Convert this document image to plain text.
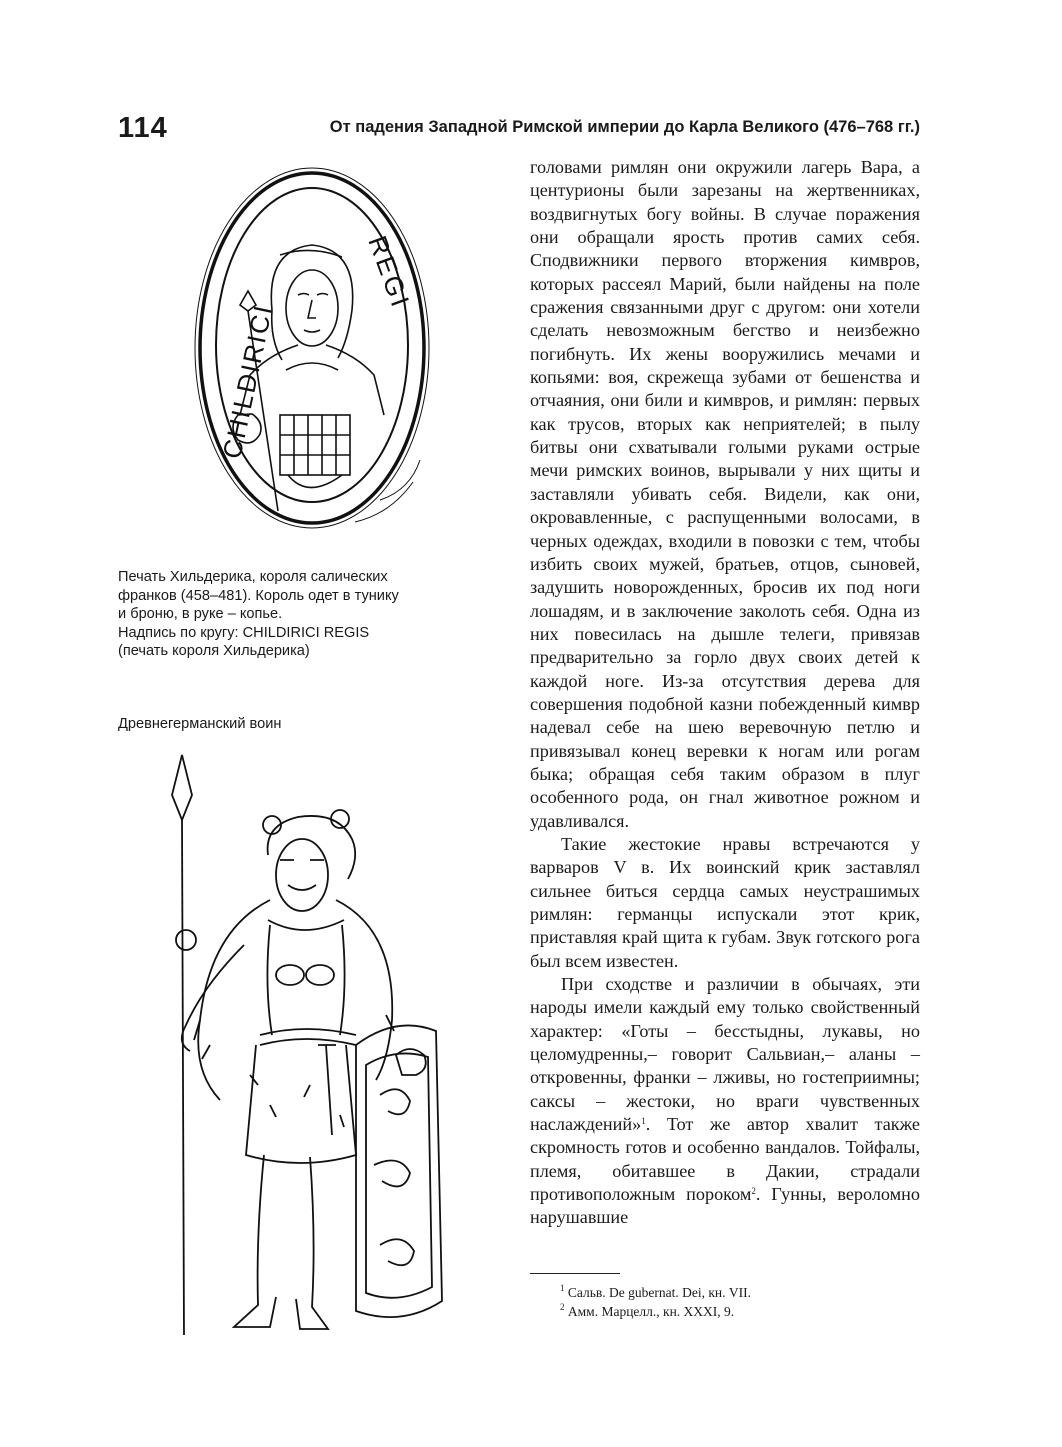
114	От падения Западной Римской империи до Карла Великого (476–768 гг.)
CHILDIRICI
REGI
Печать Хильдерика, короля салических
франков (458–481). Король одет в тунику
и броню, в руке – копье.
Надпись по кругу: CHILDIRICI REGIS
(печать короля Хильдерика)
Древнегерманский воин

головами римлян они окружили лагерь Вара, а центурионы были зарезаны на жертвенниках, воздвигнутых богу войны. В случае поражения они обращали ярость против самих себя. Сподвижники первого вторжения кимвров, которых рассеял Марий, были найдены на поле сражения связанными друг с другом: они хотели сделать невозможным бегство и неизбежно погибнуть. Их жены вооружились мечами и копьями: воя, скрежеща зубами от бешенства и отчаяния, они били и кимвров, и римлян: первых как трусов, вторых как неприятелей; в пылу битвы они схватывали голыми руками острые мечи римских воинов, вырывали у них щиты и заставляли убивать себя. Видели, как они, окровавленные, с распущенными волосами, в черных одеждах, входили в повозки с тем, чтобы избить своих мужей, братьев, отцов, сыновей, задушить новорожденных, бросив их под ноги лошадям, и в заключение заколоть себя. Одна из них повесилась на дышле телеги, привязав предварительно за горло двух своих детей к каждой ноге. Из-за отсутствия дерева для совершения подобной казни побежденный кимвр надевал себе на шею веревочную петлю и привязывал конец веревки к ногам или рогам быка; обращая себя таким образом в плуг особенного рода, он гнал животное рожном и удавливался.

Такие жестокие нравы встречаются у варваров V в. Их воинский крик заставлял сильнее биться сердца самых неустрашимых римлян: германцы испускали этот крик, приставляя край щита к губам. Звук готского рога был всем известен.

При сходстве и различии в обычаях, эти народы имели каждый ему только свойственный характер: «Готы – бесстыдны, лукавы, но целомудренны,– говорит Сальвиан,– аланы – откровенны, франки – лживы, но гостеприимны; саксы – жестоки, но враги чувственных наслаждений»$^1$. Тот же автор хвалит также скромность готов и особенно вандалов. Тойфалы, племя, обитавшее в Дакии, страдали противоположным пороком$^2$. Гунны, вероломно нарушавшие

$^1$ Сальв. De gubernat. Dei, кн. VII.
$^2$ Амм. Марцелл., кн. XXXI, 9.
